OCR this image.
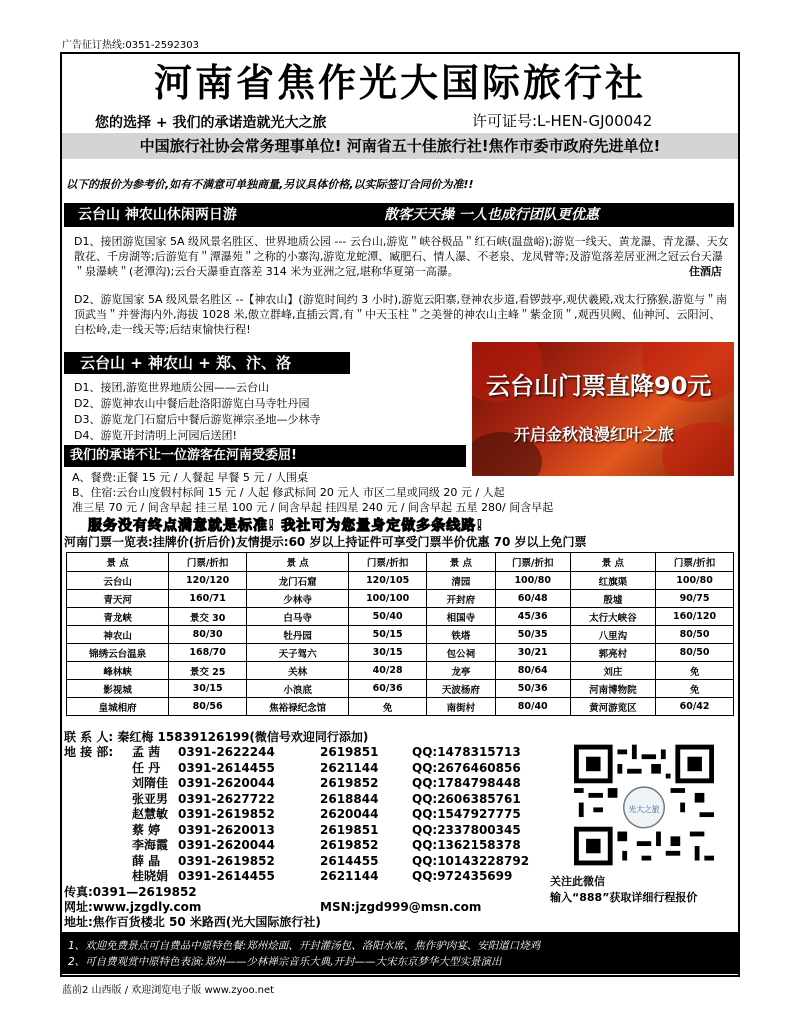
广告征订热线:0351-2592303
河南省焦作光大国际旅行社
您的选择 + 我们的承诺造就光大之旅	许可证号:L-HEN-GJ00042
中国旅行社协会常务理事单位! 河南省五十佳旅行社!焦作市委市政府先进单位!
以下的报价为参考价,如有不满意可单独商量,另议具体价格,以实际签订合同价为准!!
云台山 神农山休闲两日游	散客天天操 一人也成行团队更优惠
D1、接团游览国家 5A 级风景名胜区、世界地质公园 --- 云台山,游览＂峡谷极品＂红石峡(温盘峪);游览一线天、黄龙瀑、青龙瀑、天女散花、千房湖等;后游览有＂潭瀑苑＂之称的小寨沟,游览龙蛇潭、臧肥石、情人瀑、不老泉、龙凤臂等;及游览落差居亚洲之冠云台天瀑＂泉瀑峡＂(老潭沟);云台天瀑垂直落差 314 米为亚洲之冠,堪称华夏第一高瀑。	住酒店
D2、游览国家 5A 级风景名胜区 --【神农山】(游览时间约 3 小时),游览云阳寨,登神农步道,看锣鼓亭,观伏羲殿,戏太行猕猴,游览与＂南顶武当＂并誉海内外,海拔 1028 米,傲立群峰,直插云霄,有＂中天玉柱＂之美誉的神农山主峰＂紫金顶＂,观西贝阙、仙神河、云阳河、白松岭,走一线天等;后结束愉快行程!
云台山 + 神农山 + 郑、汴、洛
云台山门票直降90元
开启金秋浪漫红叶之旅
D1、接团,游览世界地质公园——云台山
D2、游览神农山中餐后赴洛阳游览白马寺牡丹园
D3、游览龙门石窟后中餐后游览禅宗圣地—少林寺
D4、游览开封清明上河园后送团!
我们的承诺不让一位游客在河南受委屈!
A、餐费:正餐 15 元 / 人餐起 早餐 5 元 / 人围桌
B、住宿:云台山度假村标间 15 元 / 人起 修武标间 20 元人 市区二星或同级 20 元 / 人起
准三星 70 元 / 间含早起 挂三星 100 元 / 间含早起 挂四星 240 元 / 间含早起 五星 280/ 间含早起
服务没有终点满意就是标准! 我社可为您量身定做多条线路!
河南门票一览表:挂牌价(折后价)友情提示:60 岁以上持证件可享受门票半价优惠 70 岁以上免门票
景 点	门票/折扣	景 点	门票/折扣	景 点	门票/折扣	景 点	门票/折扣
云台山	120/120	龙门石窟	120/105	清园	100/80	红旗渠	100/80
青天河	160/71	少林寺	100/100	开封府	60/48	殷墟	90/75
青龙峡	景交 30	白马寺	50/40	相国寺	45/36	太行大峡谷	160/120
神农山	80/30	牡丹园	50/15	铁塔	50/35	八里沟	80/50
锦绣云台温泉	168/70	天子驾六	30/15	包公祠	30/21	郭亮村	80/50
峰林峡	景交 25	关林	40/28	龙亭	80/64	刘庄	免
影视城	30/15	小浪底	60/36	天波杨府	50/36	河南博物院	免
皇城相府	80/56	焦裕禄纪念馆	免	南街村	80/40	黄河游览区	60/42
联 系 人: 秦红梅 15839126199(微信号欢迎同行添加)
地 接 部: 孟 茜 0391-2622244	2619851	QQ:1478315713
任 丹 0391-2614455	2621144	QQ:2676460856
刘隋佳 0391-2620044	2619852	QQ:1784798448
张亚男 0391-2627722	2618844	QQ:2606385761
赵慧敏 0391-2619852	2620044	QQ:1547927775
蔡 婷 0391-2620013	2619851	QQ:2337800345
李海霞 0391-2620044	2619852	QQ:1362158378
薛 晶 0391-2619852	2614455	QQ:10143228792
桂晓娟 0391-2614455	2621144	QQ:972435699
传真:0391—2619852
网址:www.jzgdly.com	MSN:jzgd999@msn.com
地址:焦作百货楼北 50 米路西(光大国际旅行社)
光大之旅
关注此微信
输入“888”获取详细行程报价
1、欢迎免费景点可自费品中原特色餐:郑州烩面、开封灌汤包、洛阳水席、焦作驴肉宴、安阳道口烧鸡
2、可自费观赏中原特色表演:郑州——少林禅宗音乐大典,开封——大宋东京梦华大型实景演出
蓝前2 山西版 / 欢迎浏览电子版 www.zyoo.net
